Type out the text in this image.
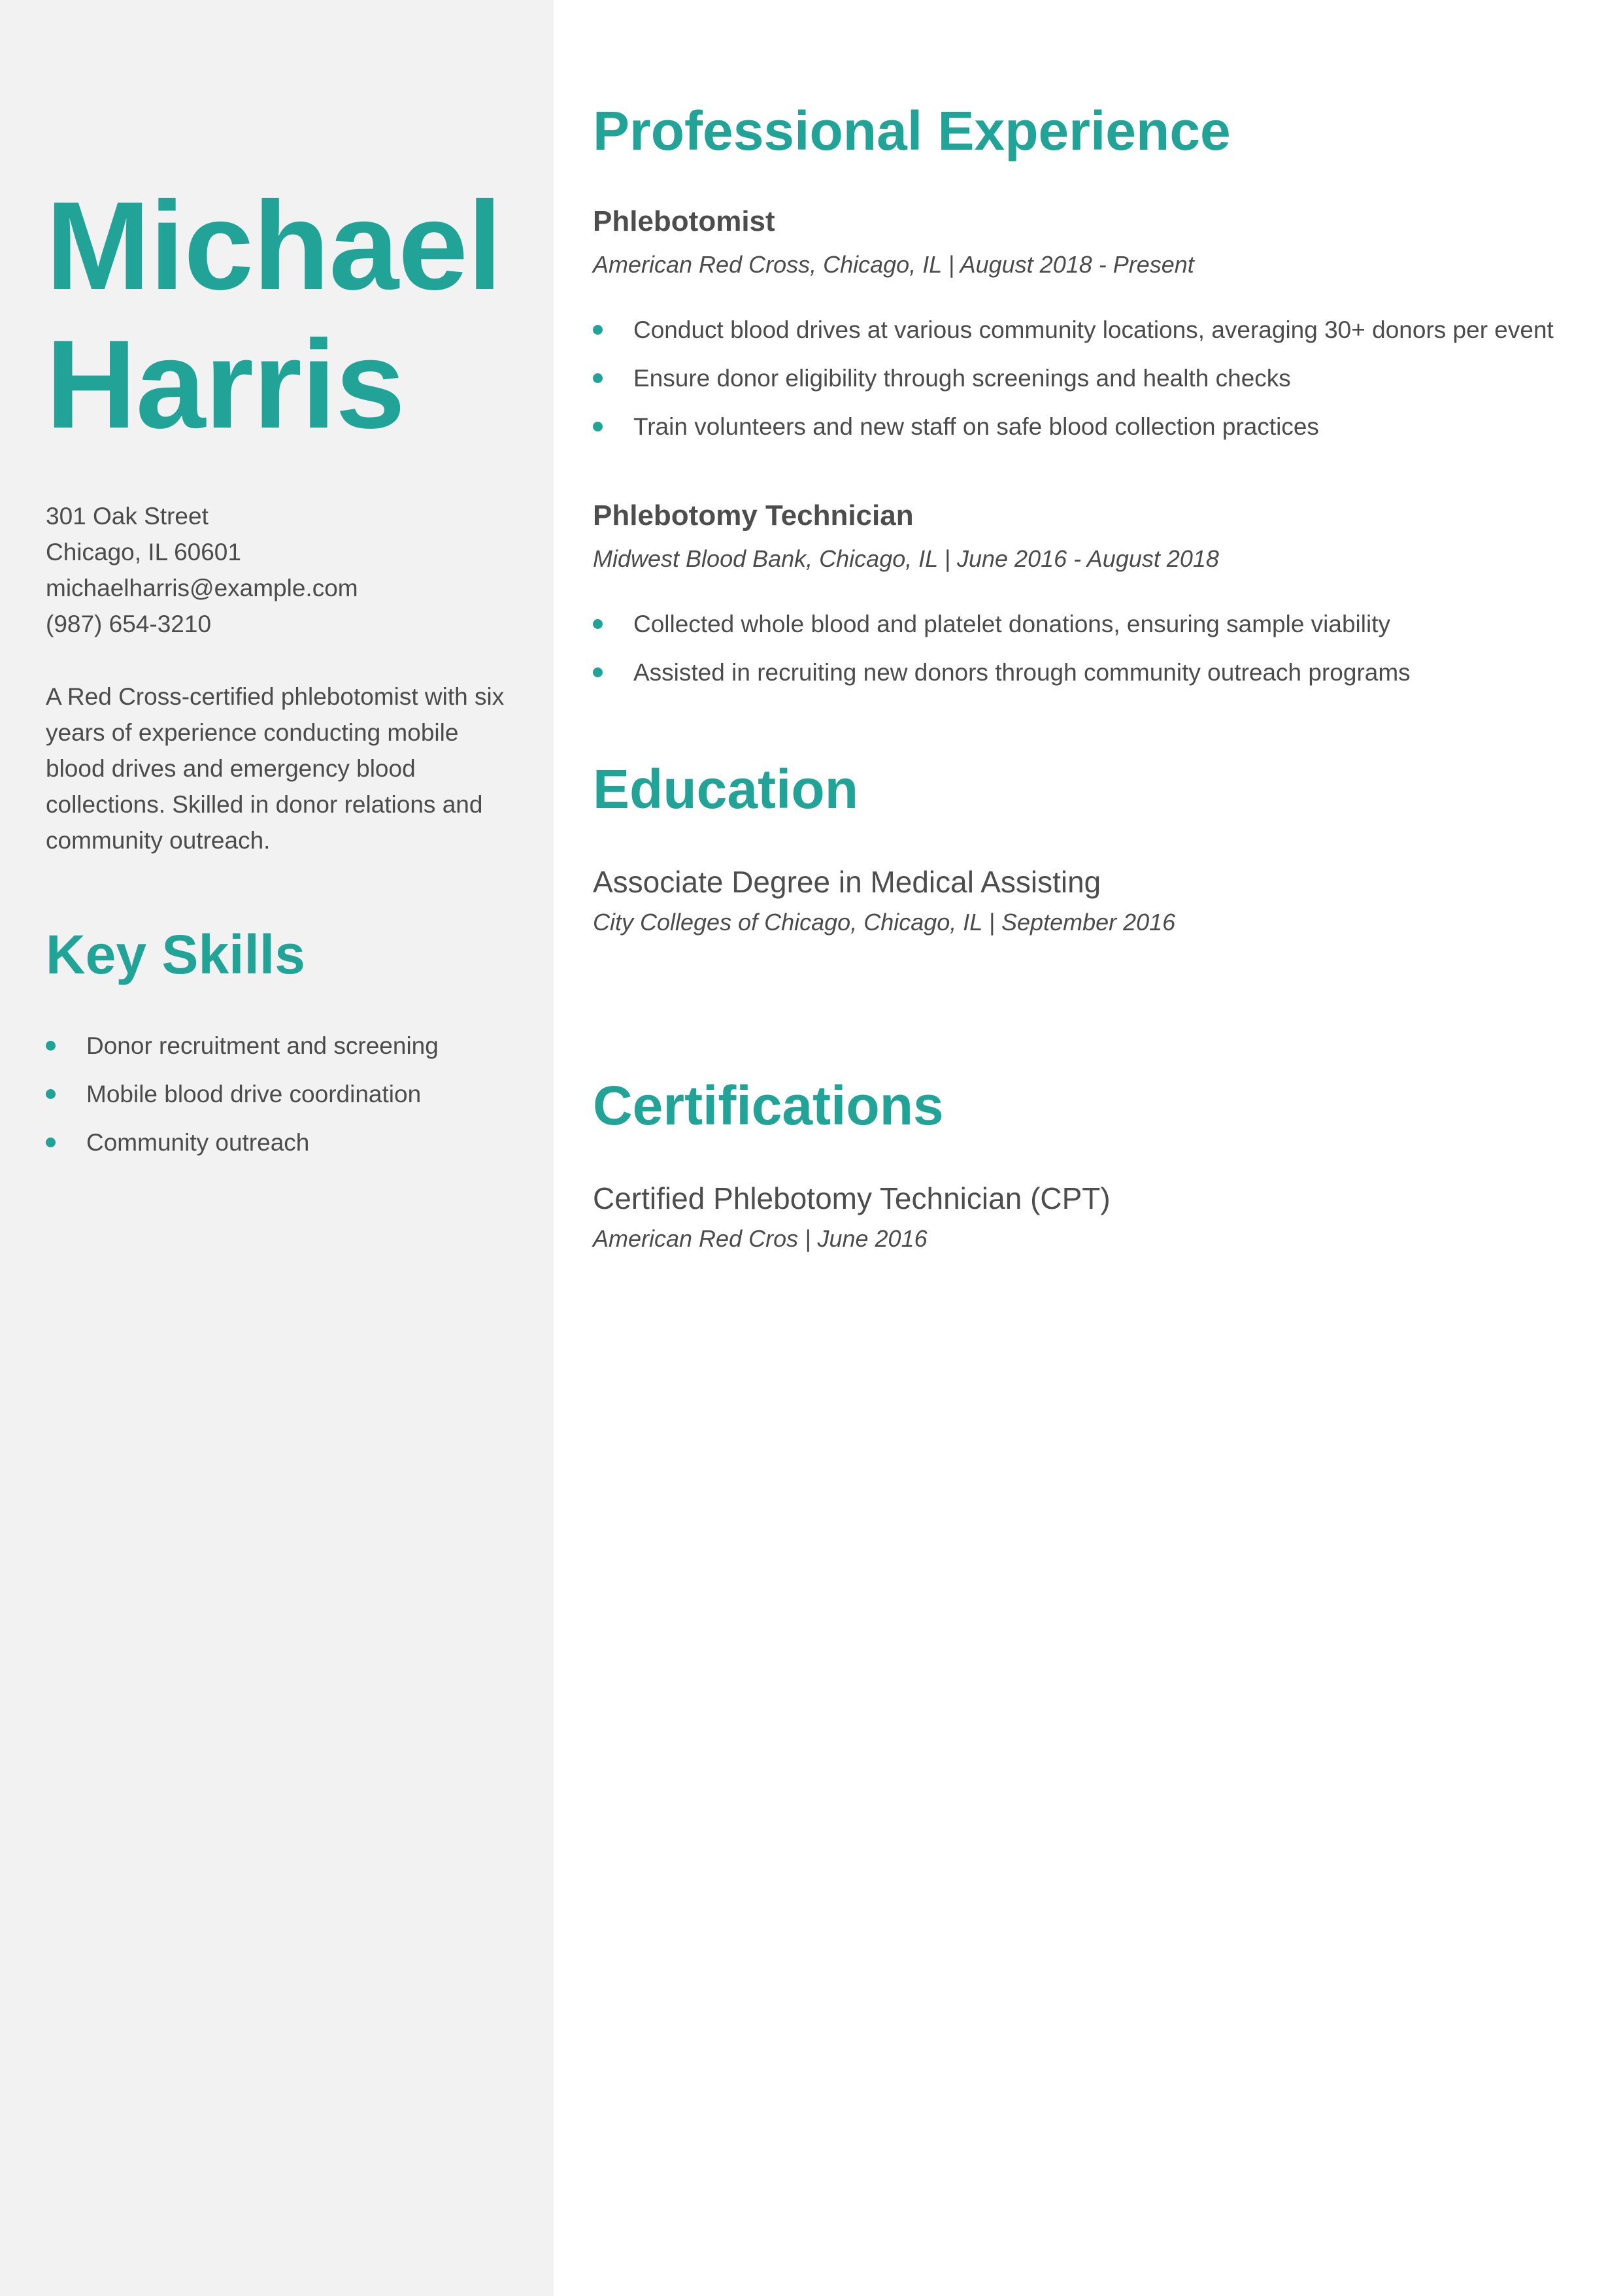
Michael
Harris
301 Oak Street
Chicago, IL 60601
michaelharris@example.com
(987) 654-3210

A Red Cross-certified phlebotomist with six years of experience conducting mobile blood drives and emergency blood collections. Skilled in donor relations and community outreach.

Key Skills
Donor recruitment and screening
Mobile blood drive coordination
Community outreach
Professional Experience
Phlebotomist
American Red Cross, Chicago, IL | August 2018 - Present
Conduct blood drives at various community locations, averaging 30+ donors per event
Ensure donor eligibility through screenings and health checks
Train volunteers and new staff on safe blood collection practices
Phlebotomy Technician
Midwest Blood Bank, Chicago, IL | June 2016 - August 2018
Collected whole blood and platelet donations, ensuring sample viability
Assisted in recruiting new donors through community outreach programs
Education
Associate Degree in Medical Assisting
City Colleges of Chicago, Chicago, IL | September 2016
Certifications
Certified Phlebotomy Technician (CPT)
American Red Cros | June 2016
